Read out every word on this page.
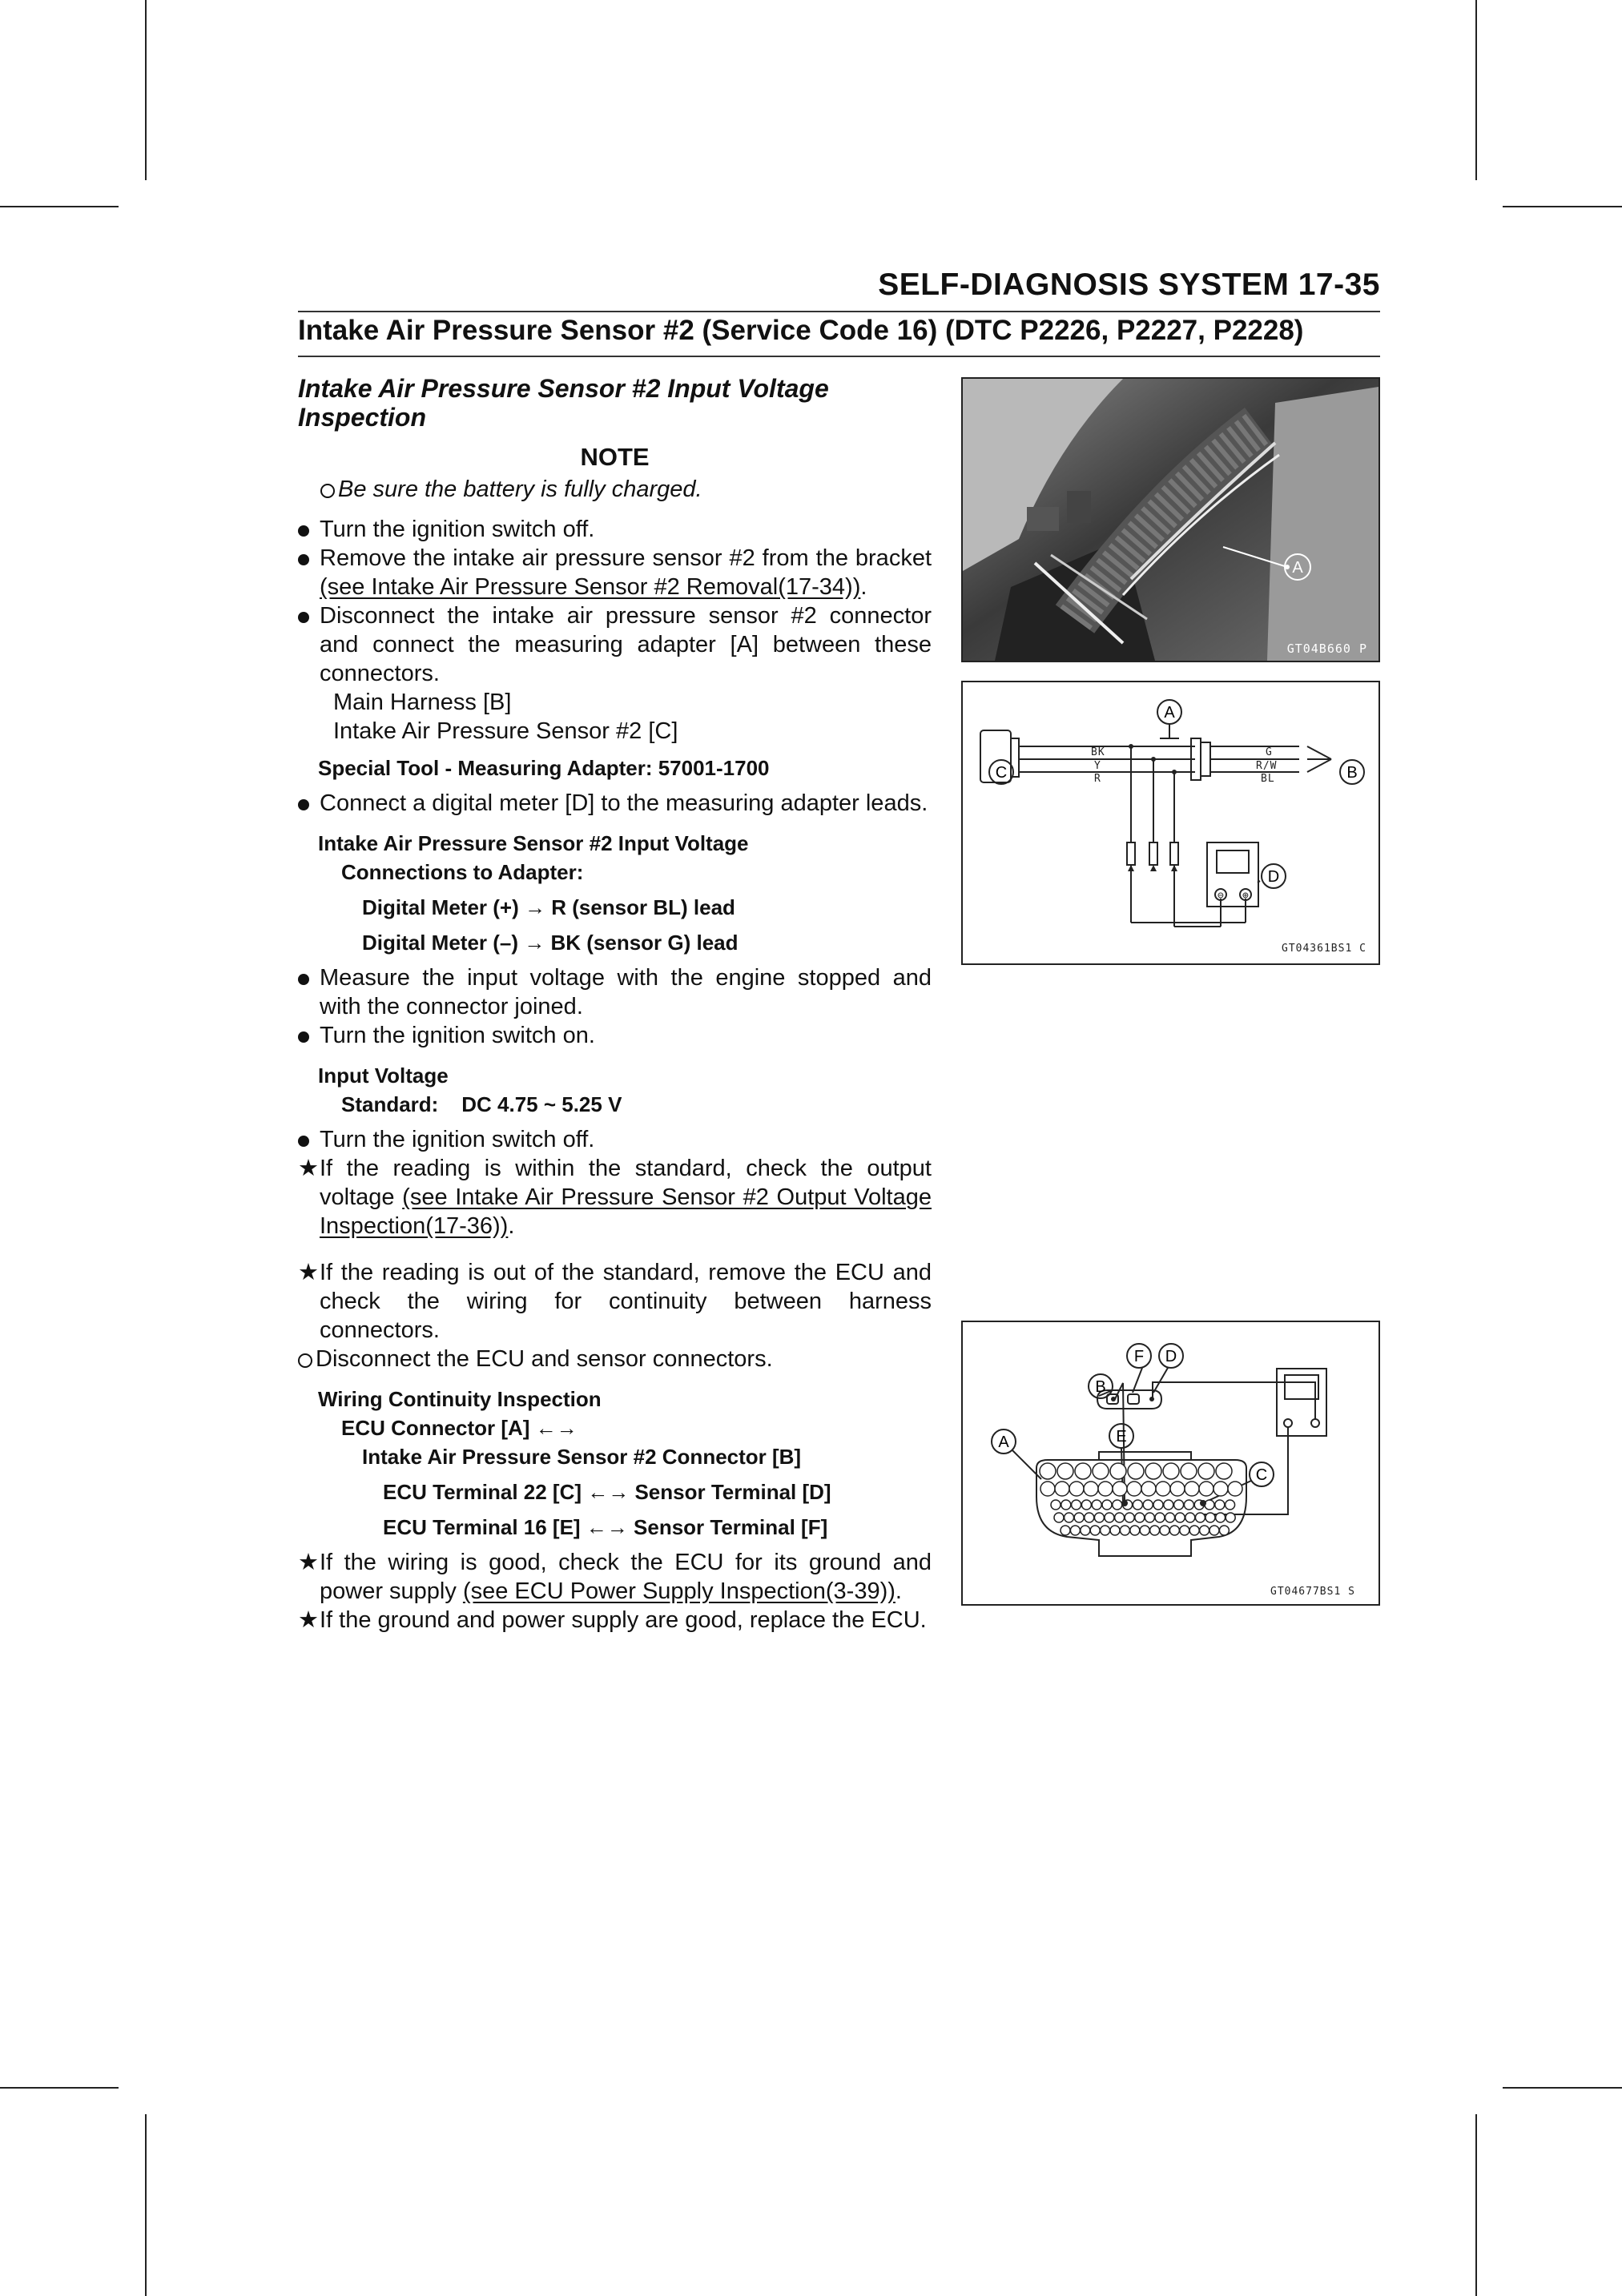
SELF-DIAGNOSIS SYSTEM 17-35
Intake Air Pressure Sensor #2 (Service Code 16) (DTC P2226, P2227, P2228)
Intake Air Pressure Sensor #2 Input Voltage
Inspection
NOTE
Be sure the battery is fully charged.
Turn the ignition switch off.
Remove the intake air pressure sensor #2 from the bracket (see Intake Air Pressure Sensor #2 Removal(17-34)).
Disconnect the intake air pressure sensor #2 connector and connect the measuring adapter [A] between these connectors.
Main Harness [B]
Intake Air Pressure Sensor #2 [C]
Special Tool - Measuring Adapter: 57001-1700
Connect a digital meter [D] to the measuring adapter leads.
Intake Air Pressure Sensor #2 Input Voltage
Connections to Adapter:
Digital Meter (+) → R (sensor BL) lead
Digital Meter (–) → BK (sensor G) lead
Measure the input voltage with the engine stopped and with the connector joined.
Turn the ignition switch on.
Input Voltage
Standard:    DC 4.75 ~ 5.25 V
Turn the ignition switch off.
★ If the reading is within the standard, check the output voltage (see Intake Air Pressure Sensor #2 Output Voltage Inspection(17-36)).
★ If the reading is out of the standard, remove the ECU and check the wiring for continuity between harness connectors.
Disconnect the ECU and sensor connectors.
Wiring Continuity Inspection
ECU Connector [A] ←→
Intake Air Pressure Sensor #2 Connector [B]
ECU Terminal 22 [C] ←→ Sensor Terminal [D]
ECU Terminal 16 [E] ←→ Sensor Terminal [F]
★ If the wiring is good, check the ECU for its ground and power supply (see ECU Power Supply Inspection(3-39)).
★ If the ground and power supply are good, replace the ECU.
A
GT04B660 P
⊖ ⊕
C
A
B
D
BK
Y
R
G
R/W
BL
GT04361BS1 C
B
F D
E
A
C
GT04677BS1 S
